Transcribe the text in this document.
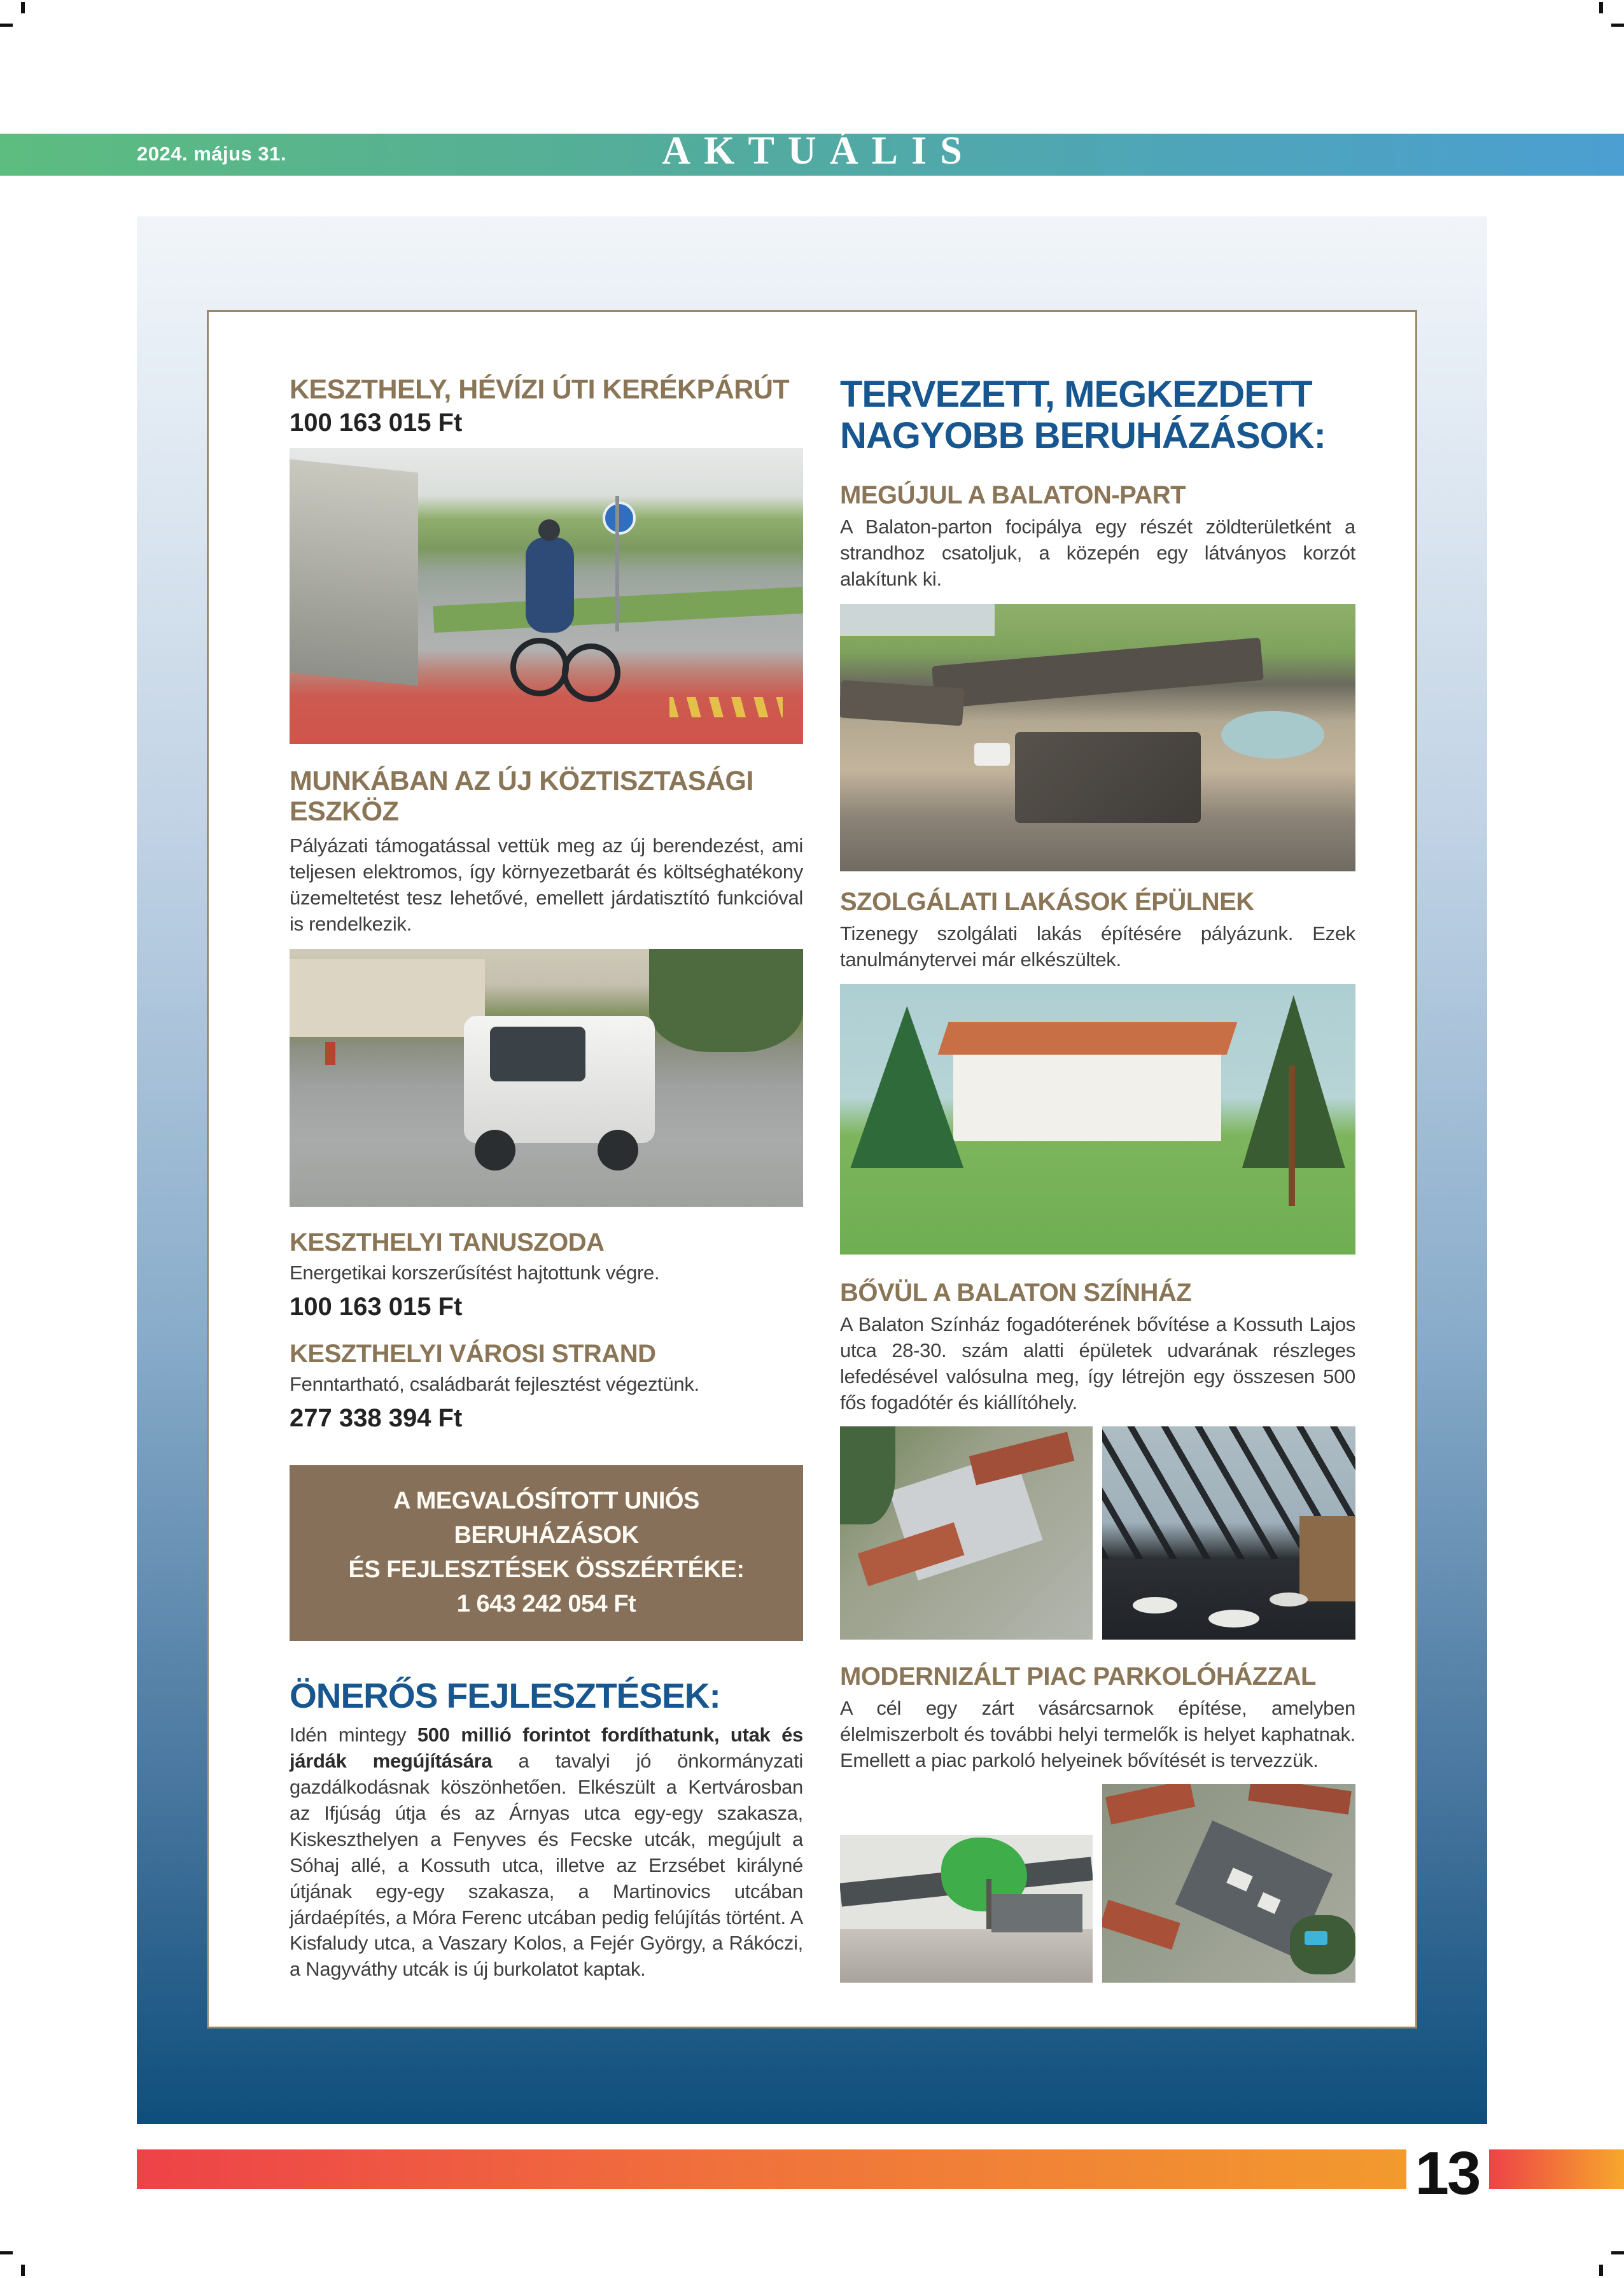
2024. május 31.	AKTUÁLIS
KESZTHELY, HÉVÍZI ÚTI KERÉKPÁRÚT
100 163 015 Ft
MUNKÁBAN AZ ÚJ KÖZTISZTASÁGI ESZKÖZ

Pályázati támogatással vettük meg az új berendezést, ami teljesen elektromos, így környezetbarát és költséghatékony üzemeltetést tesz lehetővé, emellett járdatisztító funkcióval is rendelkezik.

KESZTHELYI TANUSZODA

Energetikai korszerűsítést hajtottunk végre.

100 163 015 Ft
KESZTHELYI VÁROSI STRAND

Fenntartható, családbarát fejlesztést végeztünk.

277 338 394 Ft
A MEGVALÓSÍTOTT UNIÓS BERUHÁZÁSOK
ÉS FEJLESZTÉSEK ÖSSZÉRTÉKE:
1 643 242 054 Ft
ÖNERŐS FEJLESZTÉSEK:

Idén mintegy 500 millió forintot fordíthatunk, utak és járdák megújítására a tavalyi jó önkormányzati gazdálkodásnak köszönhetően. Elkészült a Kertvárosban az Ifjúság útja és az Árnyas utca egy-egy szakasza, Kiskeszthelyen a Fenyves és Fecske utcák, megújult a Sóhaj allé, a Kossuth utca, illetve az Erzsébet királyné útjának egy-egy szakasza, a Martinovics utcában járdaépítés, a Móra Ferenc utcában pedig felújítás történt. A Kisfaludy utca, a Vaszary Kolos, a Fejér György, a Rákóczi, a Nagyváthy utcák is új burkolatot kaptak.

TERVEZETT, MEGKEZDETT
NAGYOBB BERUHÁZÁSOK:
MEGÚJUL A BALATON-PART

A Balaton-parton focipálya egy részét zöldterületként a strandhoz csatoljuk, a közepén egy látványos korzót alakítunk ki.

SZOLGÁLATI LAKÁSOK ÉPÜLNEK

Tizenegy szolgálati lakás építésére pályázunk. Ezek tanulmánytervei már elkészültek.

BŐVÜL A BALATON SZÍNHÁZ

A Balaton Színház fogadóterének bővítése a Kossuth Lajos utca 28-30. szám alatti épületek udvarának részleges lefedésével valósulna meg, így létrejön egy összesen 500 fős fogadótér és kiállítóhely.

MODERNIZÁLT PIAC PARKOLÓHÁZZAL

A cél egy zárt vásárcsarnok építése, amelyben élelmiszerbolt és további helyi termelők is helyet kaphatnak. Emellett a piac parkoló helyeinek bővítését is tervezzük.

13
